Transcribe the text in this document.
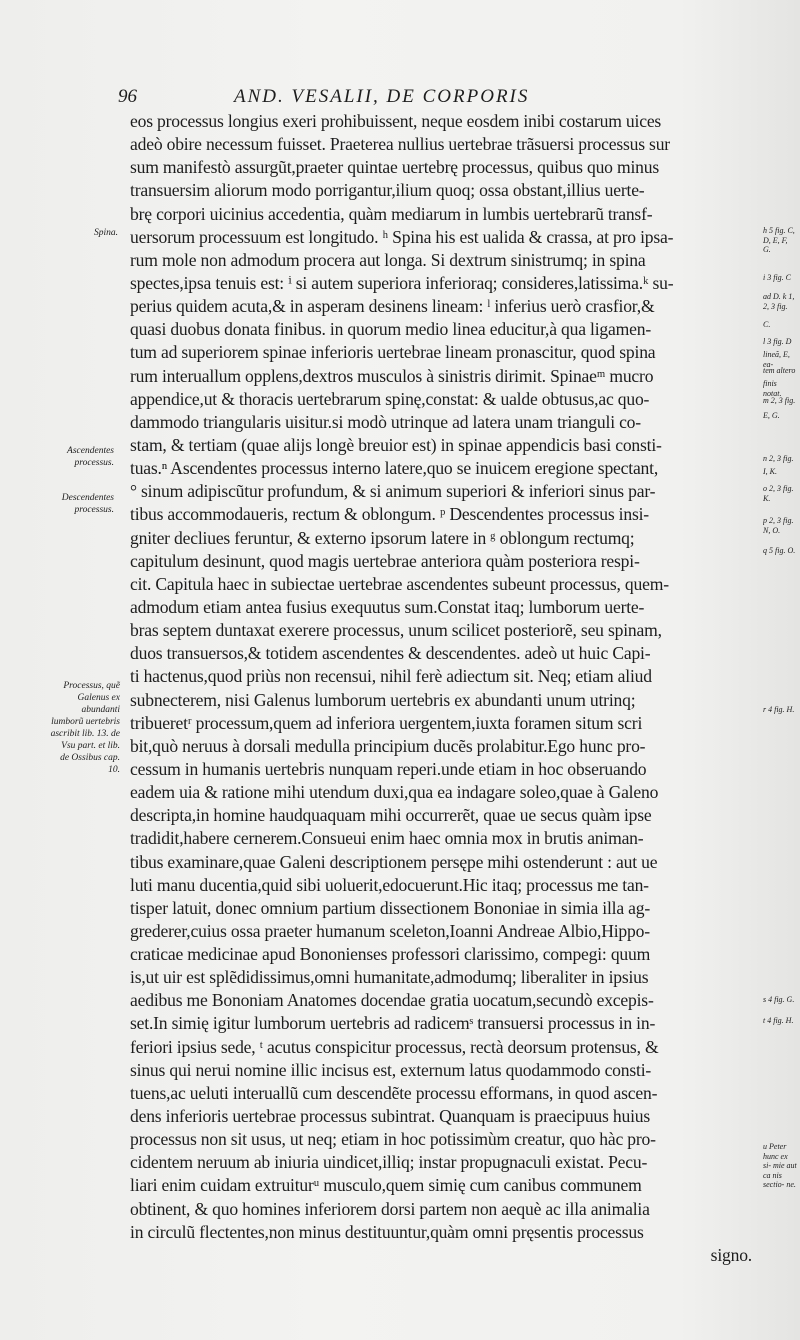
96	AND. VESALII, DE CORPORIS
eos processus longius exeri prohibuissent, neque eosdem inibi costarum uices
adeò obire necessum fuisset. Praeterea nullius uertebrae trãsuersi processus sur
sum manifestò assurgũt,praeter quintae uertebrę processus, quibus quo minus
transuersim aliorum modo porrigantur,ilium quoq; ossa obstant,illius uerte-
brę corpori uicinius accedentia, quàm mediarum in lumbis uertebrarũ transf-
uersorum processuum est longitudo. ʰ Spina his est ualida & crassa, at pro ipsa-
rum mole non admodum procera aut longa. Si dextrum sinistrumq; in spina
spectes,ipsa tenuis est: ⁱ si autem superiora inferioraq; consideres,latissima.ᵏ su-
perius quidem acuta,& in asperam desinens lineam: ˡ inferius uerò crasfior,&
quasi duobus donata finibus. in quorum medio linea educitur,à qua ligamen-
tum ad superiorem spinae inferioris uertebrae lineam pronascitur, quod spina
rum interuallum opplens,dextros musculos à sinistris dirimit. Spinaeᵐ mucro
appendice,ut & thoracis uertebrarum spinę,constat: & ualde obtusus,ac quo-
dammodo triangularis uisitur.si modò utrinque ad latera unam trianguli co-
stam, & tertiam (quae alijs longè breuior est) in spinae appendicis basi consti-
tuas.ⁿ Ascendentes processus interno latere,quo se inuicem eregione spectant,
° sinum adipiscũtur profundum, & si animum superiori & inferiori sinus par-
tibus accommodaueris, rectum & oblongum. ᵖ Descendentes processus insi-
gniter decliues feruntur, & externo ipsorum latere in ᵍ oblongum rectumq;
capitulum desinunt, quod magis uertebrae anteriora quàm posteriora respi-
cit. Capitula haec in subiectae uertebrae ascendentes subeunt processus, quem-
admodum etiam antea fusius exequutus sum.Constat itaq; lumborum uerte-
bras septem duntaxat exerere processus, unum scilicet posteriorẽ, seu spinam,
duos transuersos,& totidem ascendentes & descendentes. adeò ut huic Capi-
ti hactenus,quod priùs non recensui, nihil ferè adiectum sit. Neq; etiam aliud
subnecterem, nisi Galenus lumborum uertebris ex abundanti unum utrinq;
tribueretʳ processum,quem ad inferiora uergentem,iuxta foramen situm scri
bit,quò neruus à dorsali medulla principium ducẽs prolabitur.Ego hunc pro-
cessum in humanis uertebris nunquam reperi.unde etiam in hoc obseruando
eadem uia & ratione mihi utendum duxi,qua ea indagare soleo,quae à Galeno
descripta,in homine haudquaquam mihi occurrerẽt, quae ue secus quàm ipse
tradidit,habere cernerem.Consueui enim haec omnia mox in brutis animan-
tibus examinare,quae Galeni descriptionem persępe mihi ostenderunt : aut ue
luti manu ducentia,quid sibi uoluerit,edocuerunt.Hic itaq; processus me tan-
tisper latuit, donec omnium partium dissectionem Bononiae in simia illa ag-
grederer,cuius ossa praeter humanum sceleton,Ioanni Andreae Albio,Hippo-
craticae medicinae apud Bononienses professori clarissimo, compegi: quum
is,ut uir est splẽdidissimus,omni humanitate,admodumq; liberaliter in ipsius
aedibus me Bononiam Anatomes docendae gratia uocatum,secundò excepis-
set.In simię igitur lumborum uertebris ad radicemˢ transuersi processus in in-
feriori ipsius sede, ᵗ acutus conspicitur processus, rectà deorsum protensus, &
sinus qui nerui nomine illic incisus est, externum latus quodammodo consti-
tuens,ac ueluti interuallũ cum descendẽte processu efformans, in quod ascen-
dens inferioris uertebrae processus subintrat. Quanquam is praecipuus huius
processus non sit usus, ut neq; etiam in hoc potissimùm creatur, quo hàc pro-
cidentem neruum ab iniuria uindicet,illiq; instar propugnaculi existat. Pecu-
liari enim cuidam extruiturᵘ musculo,quem simię cum canibus communem
obtinent, & quo homines inferiorem dorsi partem non aequè ac illa animalia
in circulũ flectentes,non minus destituuntur,quàm omni pręsentis processus
signo.
Spina.
Ascendentes processus.
Descendentes processus.
Processus, quẽ Galenus ex abundanti lumborũ uertebris ascribit lib. 13. de Vsu part. et lib. de Ossibus cap. 10.
h 5 fig. C, D, E, F, G.
i 3 fig. C
ad D. k 1, 2, 3 fig.
C.
l 3 fig. D
lineã, E, ea-
tem altero
finis notat.
m 2, 3 fig.
E, G.
n 2, 3 fig.
I, K.
o 2, 3 fig. K.
p 2, 3 fig. N, O.
q 5 fig. O.
r 4 fig. H.
s 4 fig. G.
t 4 fig. H.
u Peter hunc ex si- mie aut ca nis sectio- ne.
